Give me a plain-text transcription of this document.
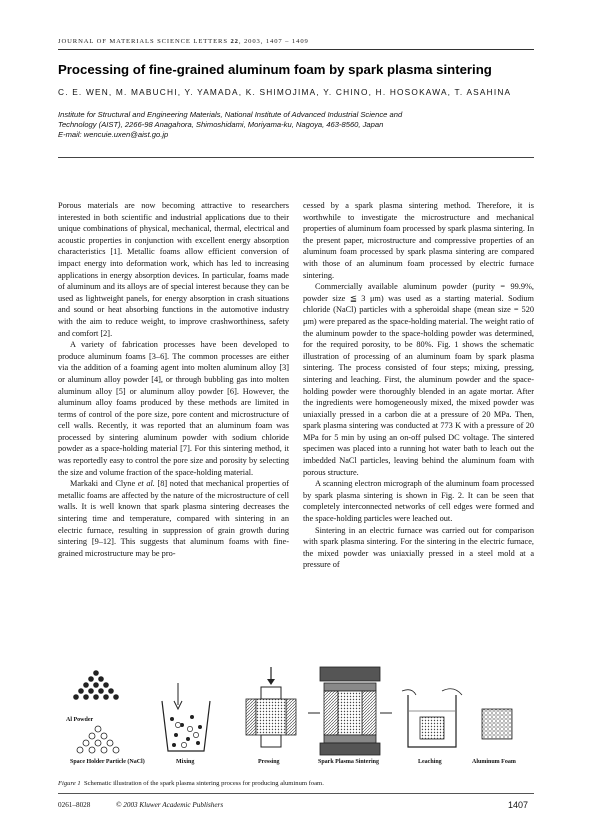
JOURNAL OF MATERIALS SCIENCE LETTERS 22, 2003, 1407 – 1409
Processing of fine-grained aluminum foam by spark plasma sintering
C. E. WEN, M. MABUCHI, Y. YAMADA, K. SHIMOJIMA, Y. CHINO, H. HOSOKAWA, T. ASAHINA
Institute for Structural and Engineering Materials, National Institute of Advanced Industrial Science and
Technology (AIST), 2266-98 Anagahora, Shimoshidami, Moriyama-ku, Nagoya, 463-8560, Japan
E-mail: wencuie.uxen@aist.go.jp

Porous materials are now becoming attractive to researchers interested in both scientific and industrial applications due to their unique combinations of physical, mechanical, thermal, electrical and acoustic properties in conjunction with excellent energy absorption characteristics [1]. Metallic foams allow efficient conversion of impact energy into deformation work, which has led to increasing applications in energy absorption devices. In particular, foams made of aluminum and its alloys are of special interest because they can be used as lightweight panels, for energy absorption in crash situations and sound or heat absorbing functions in the automotive industry with the aim to reduce weight, to improve crashworthiness, safety and comfort [2].

A variety of fabrication processes have been developed to produce aluminum foams [3–6]. The common processes are either via the addition of a foaming agent into molten aluminum alloy [3] or aluminum alloy powder [4], or through bubbling gas into molten aluminum alloy [5] or aluminum alloy powder [6]. However, the aluminum alloy foams produced by these methods are limited in terms of control of the pore size, pore content and microstructure of cell walls. Recently, it was reported that an aluminum foam was processed by sintering aluminum powder with sodium chloride powder as a space-holding material [7]. For this sintering method, it was reportedly easy to control the pore size and porosity by selecting the size and volume fraction of the space-holding material.

Markaki and Clyne et al. [8] noted that mechanical properties of metallic foams are affected by the nature of the microstructure of cell walls. It is well known that spark plasma sintering decreases the sintering time and temperature, compared with sintering in an electric furnace, resulting in suppression of grain growth during sintering [9–12]. This suggests that aluminum foams with fine-grained microstructure may be pro-

cessed by a spark plasma sintering method. Therefore, it is worthwhile to investigate the microstructure and mechanical properties of aluminum foam processed by spark plasma sintering. In the present paper, microstructure and compressive properties of an aluminum foam processed by spark plasma sintering are compared with those of an aluminum foam processed by electric furnace sintering.

Commercially available aluminum powder (purity = 99.9%, powder size ≦ 3 μm) was used as a starting material. Sodium chloride (NaCl) particles with a spheroidal shape (mean size = 520 μm) were prepared as the space-holding material. The weight ratio of the aluminum powder to the space-holding powder was determined, for the required porosity, to be 80%. Fig. 1 shows the schematic illustration of processing of an aluminum foam by spark plasma sintering. The process consisted of four steps; mixing, pressing, sintering and leaching. First, the aluminum powder and the space-holding powder were thoroughly blended in an agate mortar. After the ingredients were homogeneously mixed, the mixed powder was uniaxially pressed in a carbon die at a pressure of 20 MPa. Then, spark plasma sintering was conducted at 773 K with a pressure of 20 MPa for 5 min by using an on-off pulsed DC voltage. The sintered specimen was placed into a running hot water bath to leach out the imbedded NaCl particles, leaving behind the aluminum foam with porous structure.

A scanning electron micrograph of the aluminum foam processed by spark plasma sintering is shown in Fig. 2. It can be seen that completely interconnected networks of cell edges were formed and the space-holding particles were leached out.

Sintering in an electric furnace was carried out for comparison with spark plasma sintering. For the sintering in the electric furnace, the mixed powder was uniaxially pressed in a steel mold at a pressure of

Al Powder
Space Holder Particle (NaCl)	Mixing	Pressing	Spark Plasma Sintering	Leaching	Aluminum Foam
Figure 1 Schematic illustration of the spark plasma sintering process for producing aluminum foam.
0261–8028	© 2003 Kluwer Academic Publishers	1407
